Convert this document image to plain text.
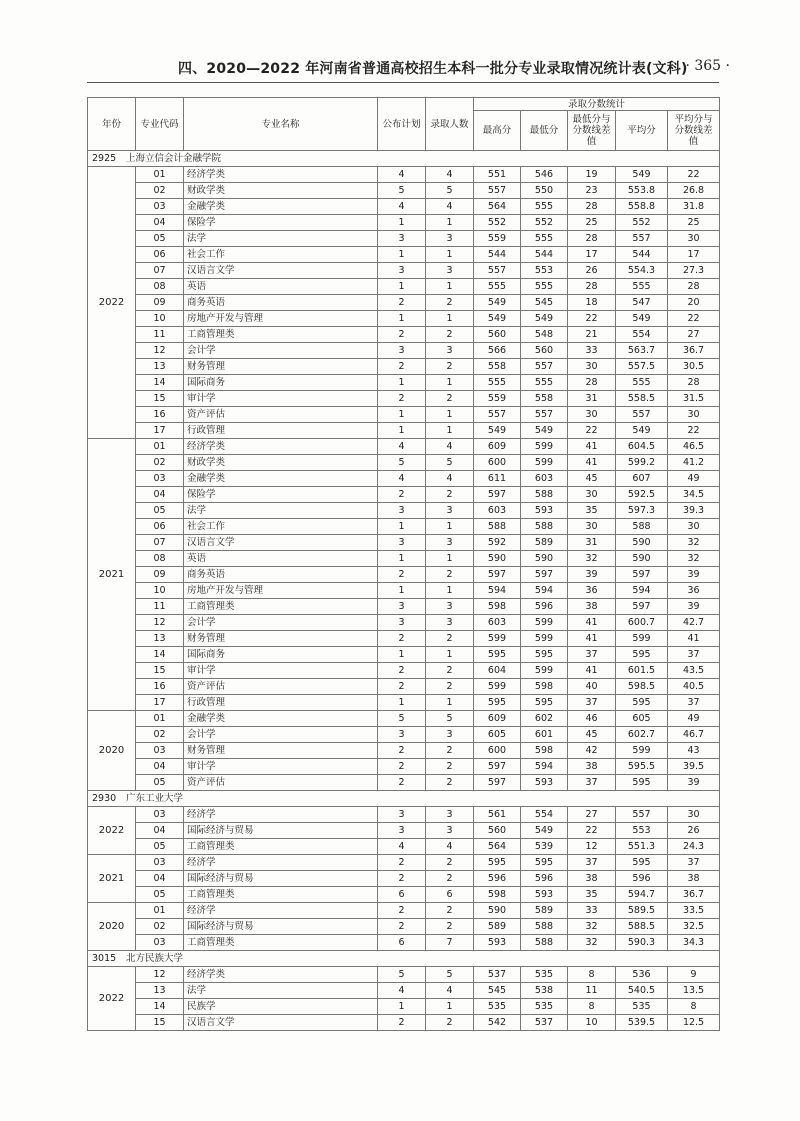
四、2020—2022 年河南省普通高校招生本科一批分专业录取情况统计表(文科)
· 365 ·
年份	专业代码	专业名称	公布计划	录取人数	录取分数统计				
					最高分	最低分	最低分与分数线差值	平均分	平均分与分数线差值
2925 上海立信会计金融学院									
2022	01	经济学类	4	4	551	546	19	549	22
	02	财政学类	5	5	557	550	23	553.8	26.8
	03	金融学类	4	4	564	555	28	558.8	31.8
	04	保险学	1	1	552	552	25	552	25
	05	法学	3	3	559	555	28	557	30
	06	社会工作	1	1	544	544	17	544	17
	07	汉语言文学	3	3	557	553	26	554.3	27.3
	08	英语	1	1	555	555	28	555	28
	09	商务英语	2	2	549	545	18	547	20
	10	房地产开发与管理	1	1	549	549	22	549	22
	11	工商管理类	2	2	560	548	21	554	27
	12	会计学	3	3	566	560	33	563.7	36.7
	13	财务管理	2	2	558	557	30	557.5	30.5
	14	国际商务	1	1	555	555	28	555	28
	15	审计学	2	2	559	558	31	558.5	31.5
	16	资产评估	1	1	557	557	30	557	30
	17	行政管理	1	1	549	549	22	549	22
2021	01	经济学类	4	4	609	599	41	604.5	46.5
	02	财政学类	5	5	600	599	41	599.2	41.2
	03	金融学类	4	4	611	603	45	607	49
	04	保险学	2	2	597	588	30	592.5	34.5
	05	法学	3	3	603	593	35	597.3	39.3
	06	社会工作	1	1	588	588	30	588	30
	07	汉语言文学	3	3	592	589	31	590	32
	08	英语	1	1	590	590	32	590	32
	09	商务英语	2	2	597	597	39	597	39
	10	房地产开发与管理	1	1	594	594	36	594	36
	11	工商管理类	3	3	598	596	38	597	39
	12	会计学	3	3	603	599	41	600.7	42.7
	13	财务管理	2	2	599	599	41	599	41
	14	国际商务	1	1	595	595	37	595	37
	15	审计学	2	2	604	599	41	601.5	43.5
	16	资产评估	2	2	599	598	40	598.5	40.5
	17	行政管理	1	1	595	595	37	595	37
2020	01	金融学类	5	5	609	602	46	605	49
	02	会计学	3	3	605	601	45	602.7	46.7
	03	财务管理	2	2	600	598	42	599	43
	04	审计学	2	2	597	594	38	595.5	39.5
	05	资产评估	2	2	597	593	37	595	39
2930 广东工业大学									
2022	03	经济学	3	3	561	554	27	557	30
	04	国际经济与贸易	3	3	560	549	22	553	26
	05	工商管理类	4	4	564	539	12	551.3	24.3
2021	03	经济学	2	2	595	595	37	595	37
	04	国际经济与贸易	2	2	596	596	38	596	38
	05	工商管理类	6	6	598	593	35	594.7	36.7
2020	01	经济学	2	2	590	589	33	589.5	33.5
	02	国际经济与贸易	2	2	589	588	32	588.5	32.5
	03	工商管理类	6	7	593	588	32	590.3	34.3
3015 北方民族大学									
2022	12	经济学类	5	5	537	535	8	536	9
	13	法学	4	4	545	538	11	540.5	13.5
	14	民族学	1	1	535	535	8	535	8
	15	汉语言文学	2	2	542	537	10	539.5	12.5
